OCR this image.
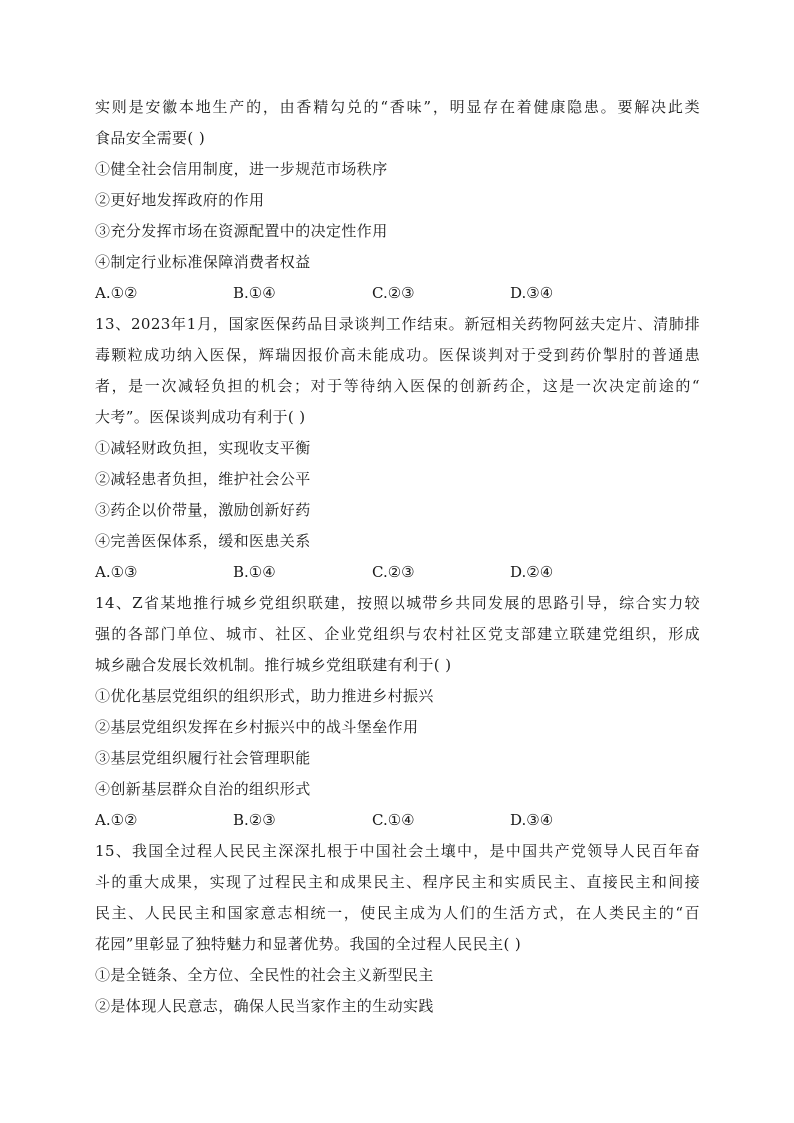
实则是安徽本地生产的，由香精勾兑的“香味”，明显存在着健康隐患。要解决此类
食品安全需要( )
①健全社会信用制度，进一步规范市场秩序
②更好地发挥政府的作用
③充分发挥市场在资源配置中的决定性作用
④制定行业标准保障消费者权益
A.①②	B.①④	C.②③	D.③④
13、2023年1月，国家医保药品目录谈判工作结束。新冠相关药物阿兹夫定片、清肺排
毒颗粒成功纳入医保，辉瑞因报价高未能成功。医保谈判对于受到药价掣肘的普通患
者，是一次减轻负担的机会；对于等待纳入医保的创新药企，这是一次决定前途的“
大考”。医保谈判成功有利于( )
①减轻财政负担，实现收支平衡
②减轻患者负担，维护社会公平
③药企以价带量，激励创新好药
④完善医保体系，缓和医患关系
A.①③	B.①④	C.②③	D.②④
14、Z省某地推行城乡党组织联建，按照以城带乡共同发展的思路引导，综合实力较
强的各部门单位、城市、社区、企业党组织与农村社区党支部建立联建党组织，形成
城乡融合发展长效机制。推行城乡党组联建有利于( )
①优化基层党组织的组织形式，助力推进乡村振兴
②基层党组织发挥在乡村振兴中的战斗堡垒作用
③基层党组织履行社会管理职能
④创新基层群众自治的组织形式
A.①②	B.②③	C.①④	D.③④
15、我国全过程人民民主深深扎根于中国社会土壤中，是中国共产党领导人民百年奋
斗的重大成果，实现了过程民主和成果民主、程序民主和实质民主、直接民主和间接
民主、人民民主和国家意志相统一，使民主成为人们的生活方式，在人类民主的“百
花园”里彰显了独特魅力和显著优势。我国的全过程人民民主( )
①是全链条、全方位、全民性的社会主义新型民主
②是体现人民意志，确保人民当家作主的生动实践
